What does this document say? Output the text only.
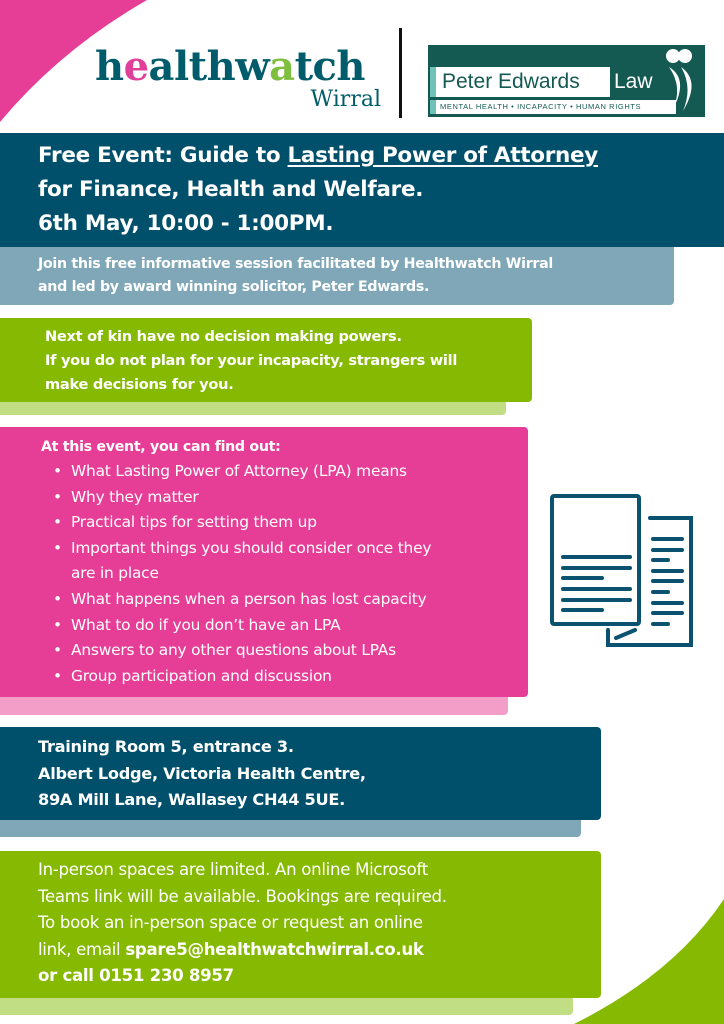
healthwatch
Wirral
Peter Edwards Law
MENTAL HEALTH • INCAPACITY • HUMAN RIGHTS
Free Event: Guide to Lasting Power of Attorney
for Finance, Health and Welfare.
6th May, 10:00 - 1:00PM.
Join this free informative session facilitated by Healthwatch Wirral
and led by award winning solicitor, Peter Edwards.
Next of kin have no decision making powers.
If you do not plan for your incapacity, strangers will
make decisions for you.
At this event, you can find out:
• What Lasting Power of Attorney (LPA) means
• Why they matter
• Practical tips for setting them up
• Important things you should consider once they
are in place
• What happens when a person has lost capacity
• What to do if you don’t have an LPA
• Answers to any other questions about LPAs
• Group participation and discussion
Training Room 5, entrance 3.
Albert Lodge, Victoria Health Centre,
89A Mill Lane, Wallasey CH44 5UE.
In-person spaces are limited. An online Microsoft
Teams link will be available. Bookings are required.
To book an in-person space or request an online
link, email spare5@healthwatchwirral.co.uk
or call 0151 230 8957
